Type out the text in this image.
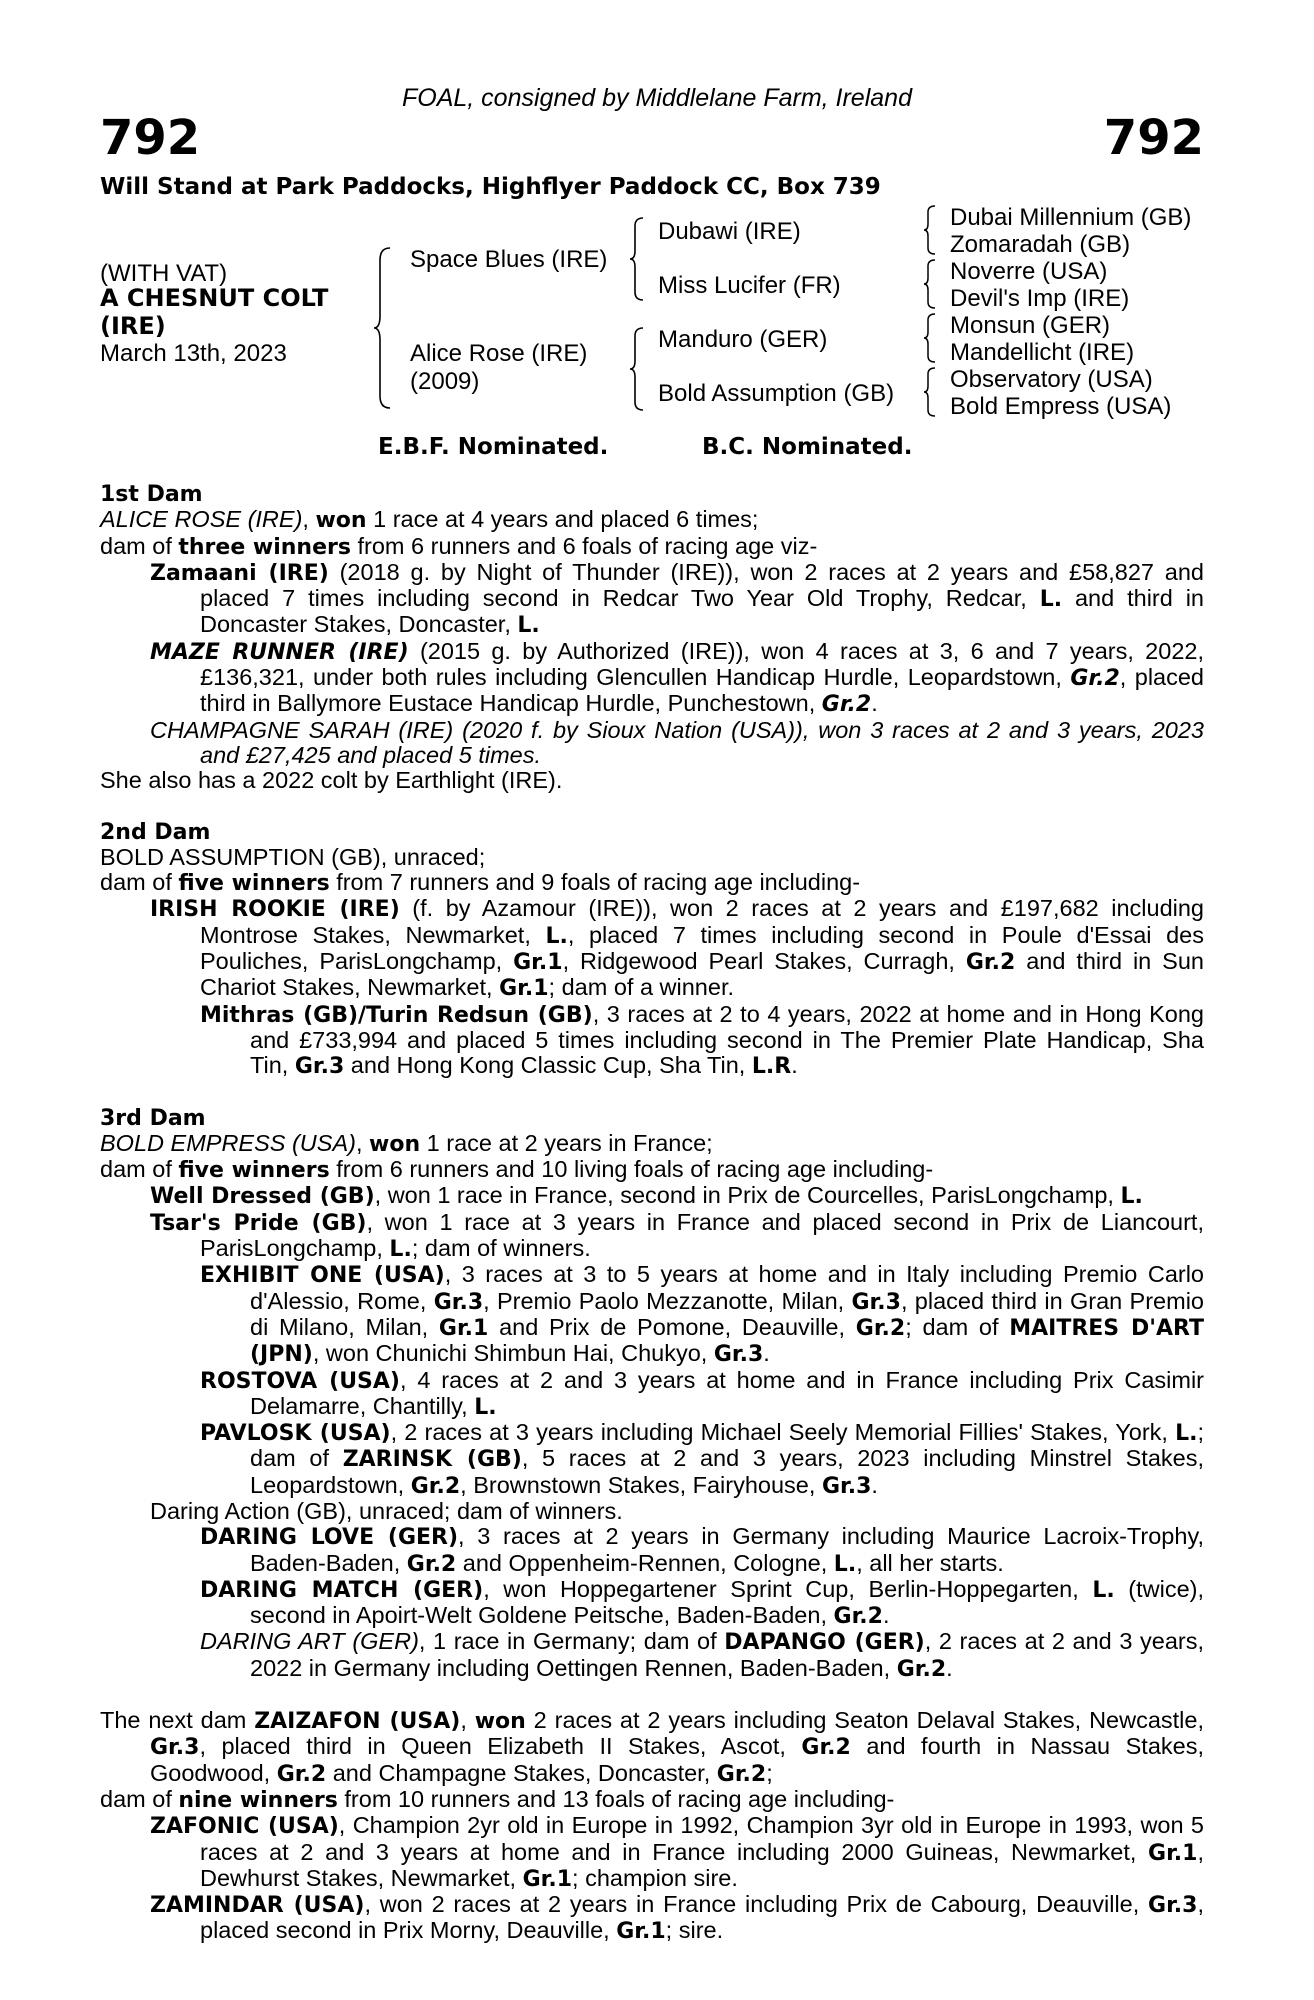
FOAL, consigned by Middlelane Farm, Ireland
792	792
Will Stand at Park Paddocks, Highflyer Paddock CC, Box 739
(WITH VAT)
A CHESNUT COLT
(IRE)
March 13th, 2023
Space Blues (IRE)
Alice Rose (IRE)
(2009)
Dubawi (IRE)
Miss Lucifer (FR)
Manduro (GER)
Bold Assumption (GB)
Dubai Millennium (GB)
Zomaradah (GB)
Noverre (USA)
Devil's Imp (IRE)
Monsun (GER)
Mandellicht (IRE)
Observatory (USA)
Bold Empress (USA)
E.B.F. Nominated.	B.C. Nominated.

1st Dam

ALICE ROSE (IRE), won 1 race at 4 years and placed 6 times;

dam of three winners from 6 runners and 6 foals of racing age viz-

Zamaani (IRE) (2018 g. by Night of Thunder (IRE)), won 2 races at 2 years and £58,827 and placed 7 times including second in Redcar Two Year Old Trophy, Redcar, L. and third in Doncaster Stakes, Doncaster, L.

MAZE RUNNER (IRE) (2015 g. by Authorized (IRE)), won 4 races at 3, 6 and 7 years, 2022, £136,321, under both rules including Glencullen Handicap Hurdle, Leopardstown, Gr.2, placed third in Ballymore Eustace Handicap Hurdle, Punchestown, Gr.2.

CHAMPAGNE SARAH (IRE) (2020 f. by Sioux Nation (USA)), won 3 races at 2 and 3 years, 2023 and £27,425 and placed 5 times.

She also has a 2022 colt by Earthlight (IRE).

2nd Dam

BOLD ASSUMPTION (GB), unraced;

dam of five winners from 7 runners and 9 foals of racing age including-

IRISH ROOKIE (IRE) (f. by Azamour (IRE)), won 2 races at 2 years and £197,682 including Montrose Stakes, Newmarket, L., placed 7 times including second in Poule d'Essai des Pouliches, ParisLongchamp, Gr.1, Ridgewood Pearl Stakes, Curragh, Gr.2 and third in Sun Chariot Stakes, Newmarket, Gr.1; dam of a winner.

Mithras (GB)/Turin Redsun (GB), 3 races at 2 to 4 years, 2022 at home and in Hong Kong and £733,994 and placed 5 times including second in The Premier Plate Handicap, Sha Tin, Gr.3 and Hong Kong Classic Cup, Sha Tin, L.R.

3rd Dam

BOLD EMPRESS (USA), won 1 race at 2 years in France;

dam of five winners from 6 runners and 10 living foals of racing age including-

Well Dressed (GB), won 1 race in France, second in Prix de Courcelles, ParisLongchamp, L.

Tsar's Pride (GB), won 1 race at 3 years in France and placed second in Prix de Liancourt, ParisLongchamp, L.; dam of winners.

EXHIBIT ONE (USA), 3 races at 3 to 5 years at home and in Italy including Premio Carlo d'Alessio, Rome, Gr.3, Premio Paolo Mezzanotte, Milan, Gr.3, placed third in Gran Premio di Milano, Milan, Gr.1 and Prix de Pomone, Deauville, Gr.2; dam of MAITRES D'ART (JPN), won Chunichi Shimbun Hai, Chukyo, Gr.3.

ROSTOVA (USA), 4 races at 2 and 3 years at home and in France including Prix Casimir Delamarre, Chantilly, L.

PAVLOSK (USA), 2 races at 3 years including Michael Seely Memorial Fillies' Stakes, York, L.; dam of ZARINSK (GB), 5 races at 2 and 3 years, 2023 including Minstrel Stakes, Leopardstown, Gr.2, Brownstown Stakes, Fairyhouse, Gr.3.

Daring Action (GB), unraced; dam of winners.

DARING LOVE (GER), 3 races at 2 years in Germany including Maurice Lacroix-Trophy, Baden-Baden, Gr.2 and Oppenheim-Rennen, Cologne, L., all her starts.

DARING MATCH (GER), won Hoppegartener Sprint Cup, Berlin-Hoppegarten, L. (twice), second in Apoirt-Welt Goldene Peitsche, Baden-Baden, Gr.2.

DARING ART (GER), 1 race in Germany; dam of DAPANGO (GER), 2 races at 2 and 3 years, 2022 in Germany including Oettingen Rennen, Baden-Baden, Gr.2.

The next dam ZAIZAFON (USA), won 2 races at 2 years including Seaton Delaval Stakes, Newcastle, Gr.3, placed third in Queen Elizabeth II Stakes, Ascot, Gr.2 and fourth in Nassau Stakes, Goodwood, Gr.2 and Champagne Stakes, Doncaster, Gr.2;

dam of nine winners from 10 runners and 13 foals of racing age including-

ZAFONIC (USA), Champion 2yr old in Europe in 1992, Champion 3yr old in Europe in 1993, won 5 races at 2 and 3 years at home and in France including 2000 Guineas, Newmarket, Gr.1, Dewhurst Stakes, Newmarket, Gr.1; champion sire.

ZAMINDAR (USA), won 2 races at 2 years in France including Prix de Cabourg, Deauville, Gr.3, placed second in Prix Morny, Deauville, Gr.1; sire.
